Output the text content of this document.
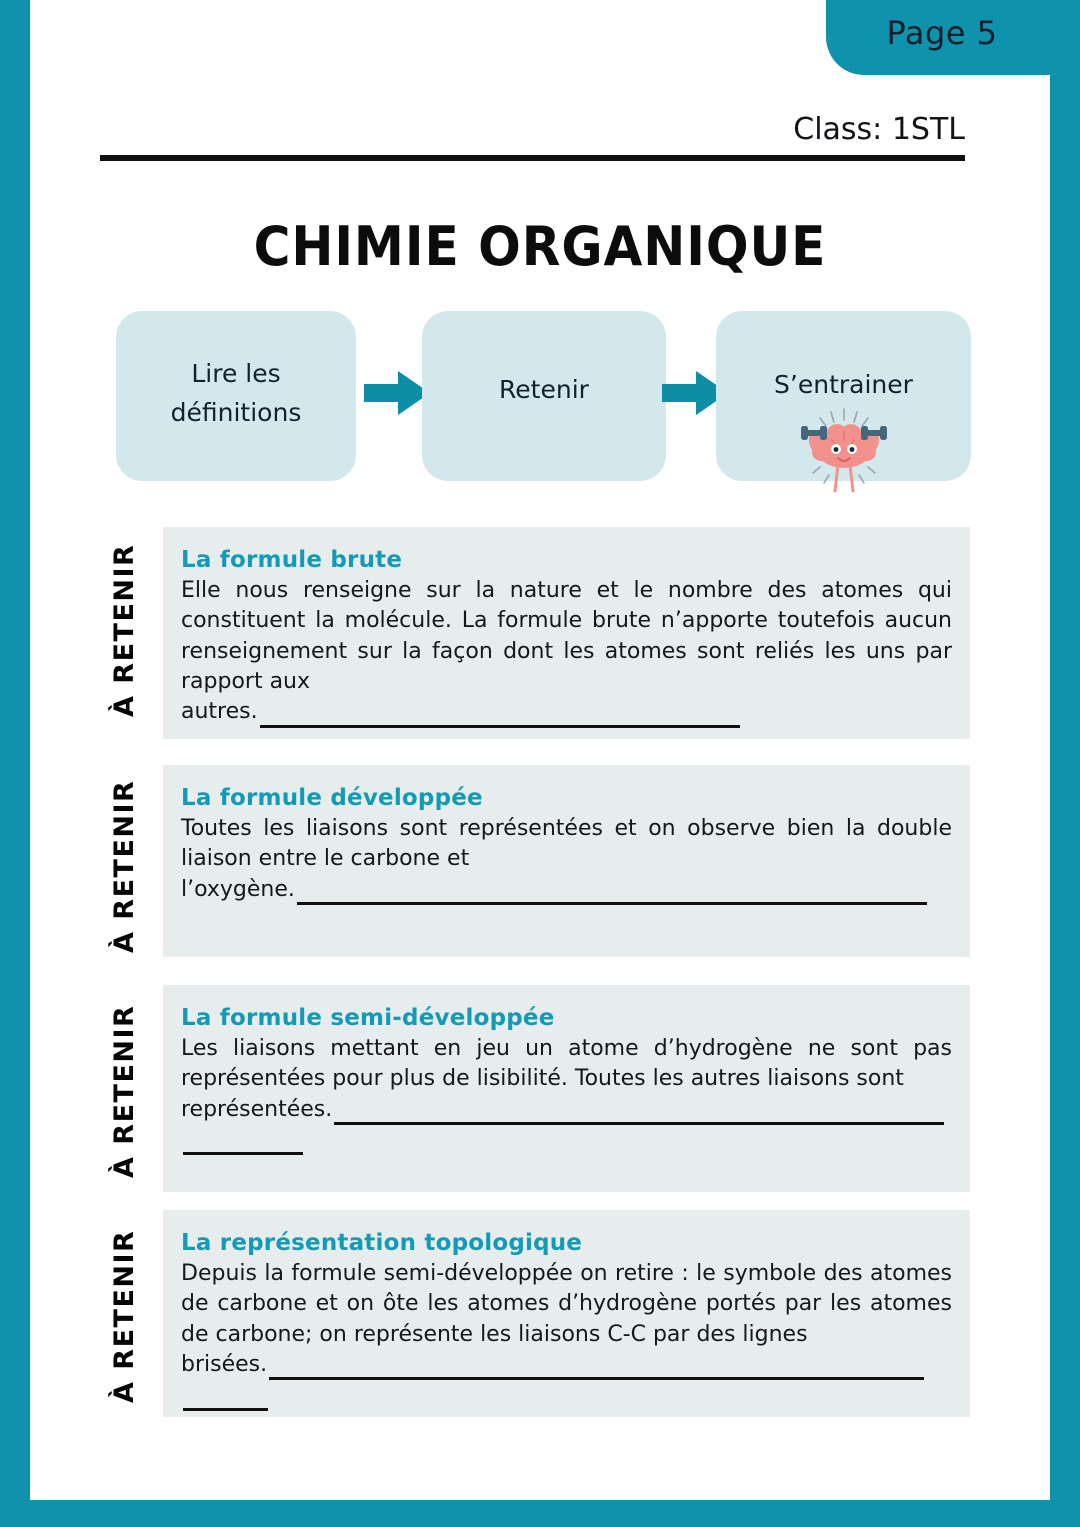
Page 5
Class: 1STL
CHIMIE ORGANIQUE
Lire les définitions
Retenir	S’entrainer
À RETENIR La formule brute
Elle nous renseigne sur la nature et le nombre des atomes qui constituent la molécule. La formule brute n’apporte toutefois aucun renseignement sur la façon dont les atomes sont reliés les uns par rapport aux
autres.
À RETENIR La formule développée
Toutes les liaisons sont représentées et on observe bien la double liaison entre le carbone et
l’oxygène.
À RETENIR La formule semi-développée
Les liaisons mettant en jeu un atome d’hydrogène ne sont pas représentées pour plus de lisibilité. Toutes les autres liaisons sont
représentées.
À RETENIR La représentation topologique
Depuis la formule semi-développée on retire : le symbole des atomes de carbone et on ôte les atomes d’hydrogène portés par les atomes de carbone; on représente les liaisons C-C par des lignes
brisées.
